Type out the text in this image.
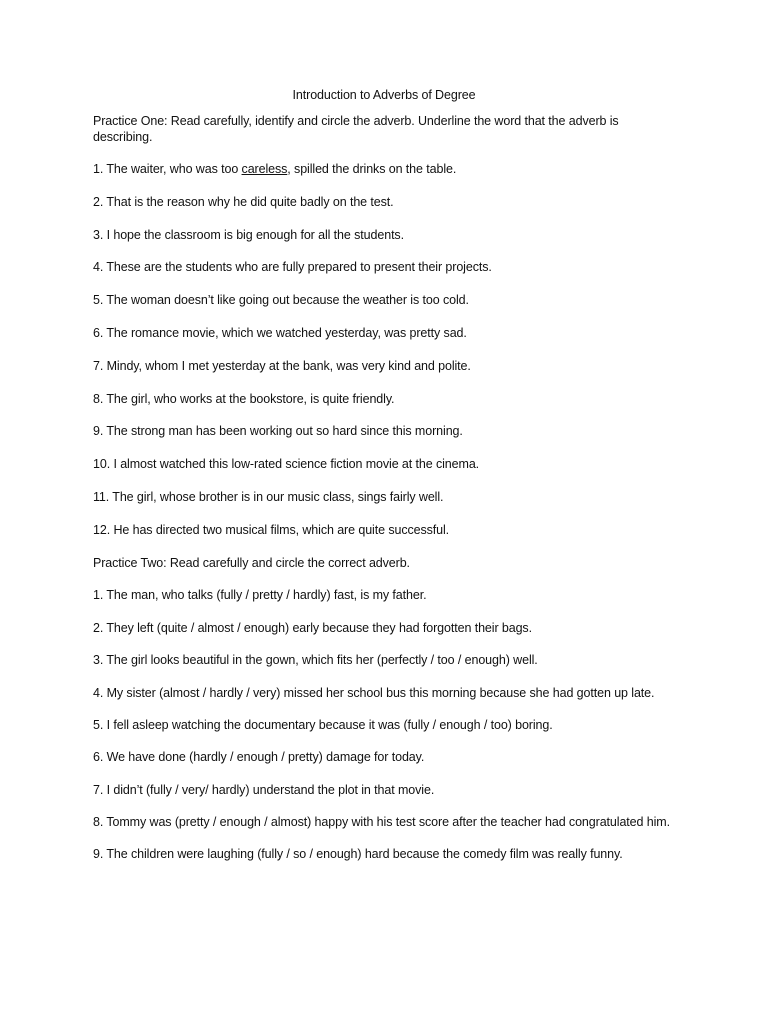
Introduction to Adverbs of Degree
Practice One: Read carefully, identify and circle the adverb. Underline the word that the adverb is describing.
1. The waiter, who was too careless, spilled the drinks on the table.
2. That is the reason why he did quite badly on the test.
3. I hope the classroom is big enough for all the students.
4. These are the students who are fully prepared to present their projects.
5. The woman doesn’t like going out because the weather is too cold.
6. The romance movie, which we watched yesterday, was pretty sad.
7. Mindy, whom I met yesterday at the bank, was very kind and polite.
8. The girl, who works at the bookstore, is quite friendly.
9. The strong man has been working out so hard since this morning.
10. I almost watched this low-rated science fiction movie at the cinema.
11. The girl, whose brother is in our music class, sings fairly well.
12. He has directed two musical films, which are quite successful.
Practice Two: Read carefully and circle the correct adverb.
1. The man, who talks (fully / pretty / hardly) fast, is my father.
2. They left (quite / almost / enough) early because they had forgotten their bags.
3. The girl looks beautiful in the gown, which fits her (perfectly / too / enough) well.
4. My sister (almost / hardly / very) missed her school bus this morning because she had gotten up late.
5. I fell asleep watching the documentary because it was (fully / enough / too) boring.
6. We have done (hardly / enough / pretty) damage for today.
7. I didn’t (fully / very/ hardly) understand the plot in that movie.
8. Tommy was (pretty / enough / almost) happy with his test score after the teacher had congratulated him.
9. The children were laughing (fully / so / enough) hard because the comedy film was really funny.
